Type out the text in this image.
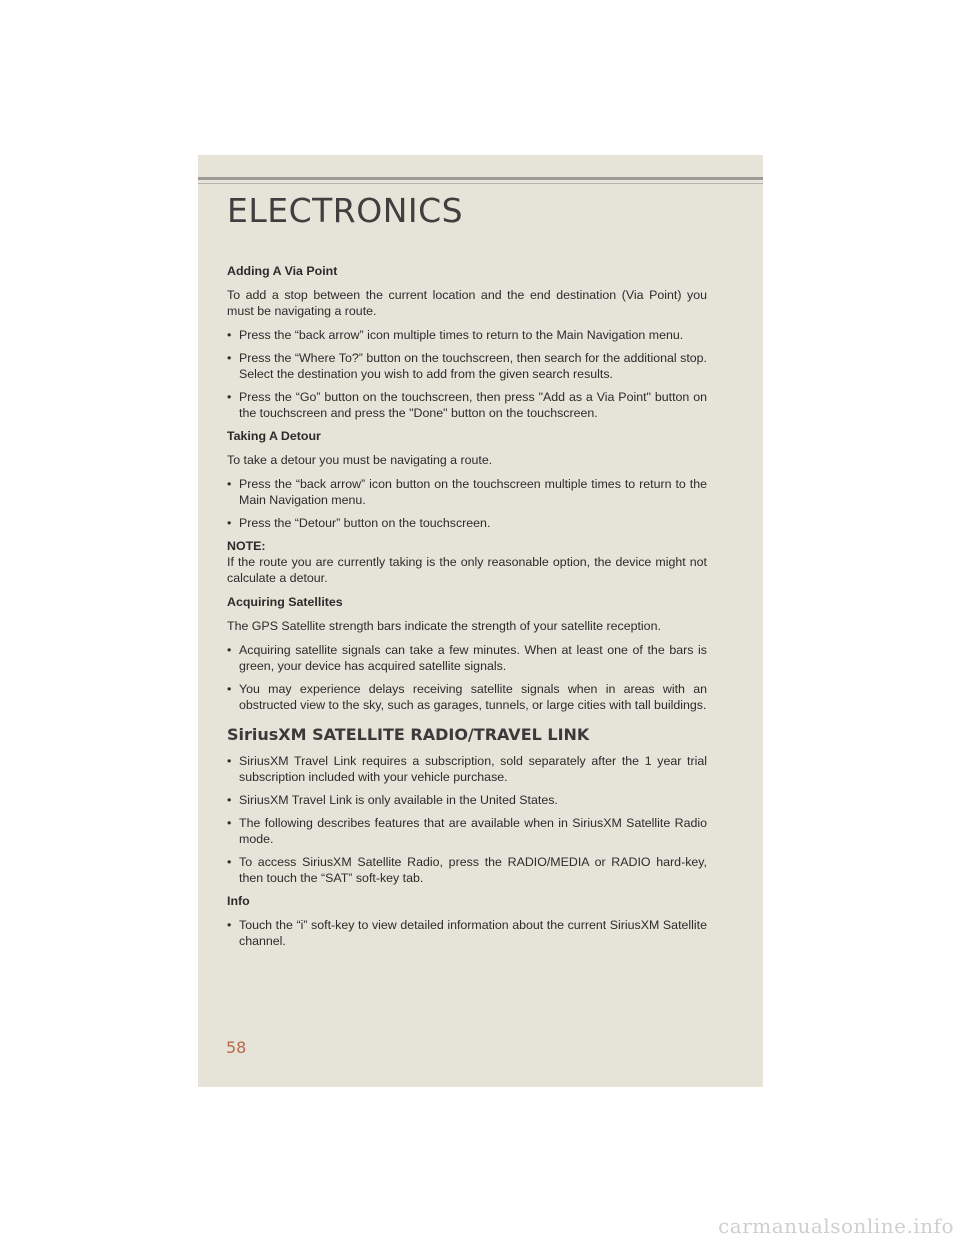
ELECTRONICS

Adding A Via Point

To add a stop between the current location and the end destination (Via Point) you must be navigating a route.

• Press the “back arrow” icon multiple times to return to the Main Navigation menu.

• Press the “Where To?” button on the touchscreen, then search for the additional stop. Select the destination you wish to add from the given search results.

• Press the “Go” button on the touchscreen, then press "Add as a Via Point" button on the touchscreen and press the "Done" button on the touchscreen.

Taking A Detour

To take a detour you must be navigating a route.

• Press the “back arrow” icon button on the touchscreen multiple times to return to the Main Navigation menu.

• Press the “Detour” button on the touchscreen.

NOTE:

If the route you are currently taking is the only reasonable option, the device might not calculate a detour.

Acquiring Satellites

The GPS Satellite strength bars indicate the strength of your satellite reception.

• Acquiring satellite signals can take a few minutes. When at least one of the bars is green, your device has acquired satellite signals.

• You may experience delays receiving satellite signals when in areas with an obstructed view to the sky, such as garages, tunnels, or large cities with tall buildings.

SiriusXM SATELLITE RADIO/TRAVEL LINK

• SiriusXM Travel Link requires a subscription, sold separately after the 1 year trial subscription included with your vehicle purchase.

• SiriusXM Travel Link is only available in the United States.

• The following describes features that are available when in SiriusXM Satellite Radio mode.

• To access SiriusXM Satellite Radio, press the RADIO/MEDIA or RADIO hard-key, then touch the “SAT” soft-key tab.

Info

• Touch the “i” soft-key to view detailed information about the current SiriusXM Satellite channel.

58
carmanualsonline.info
